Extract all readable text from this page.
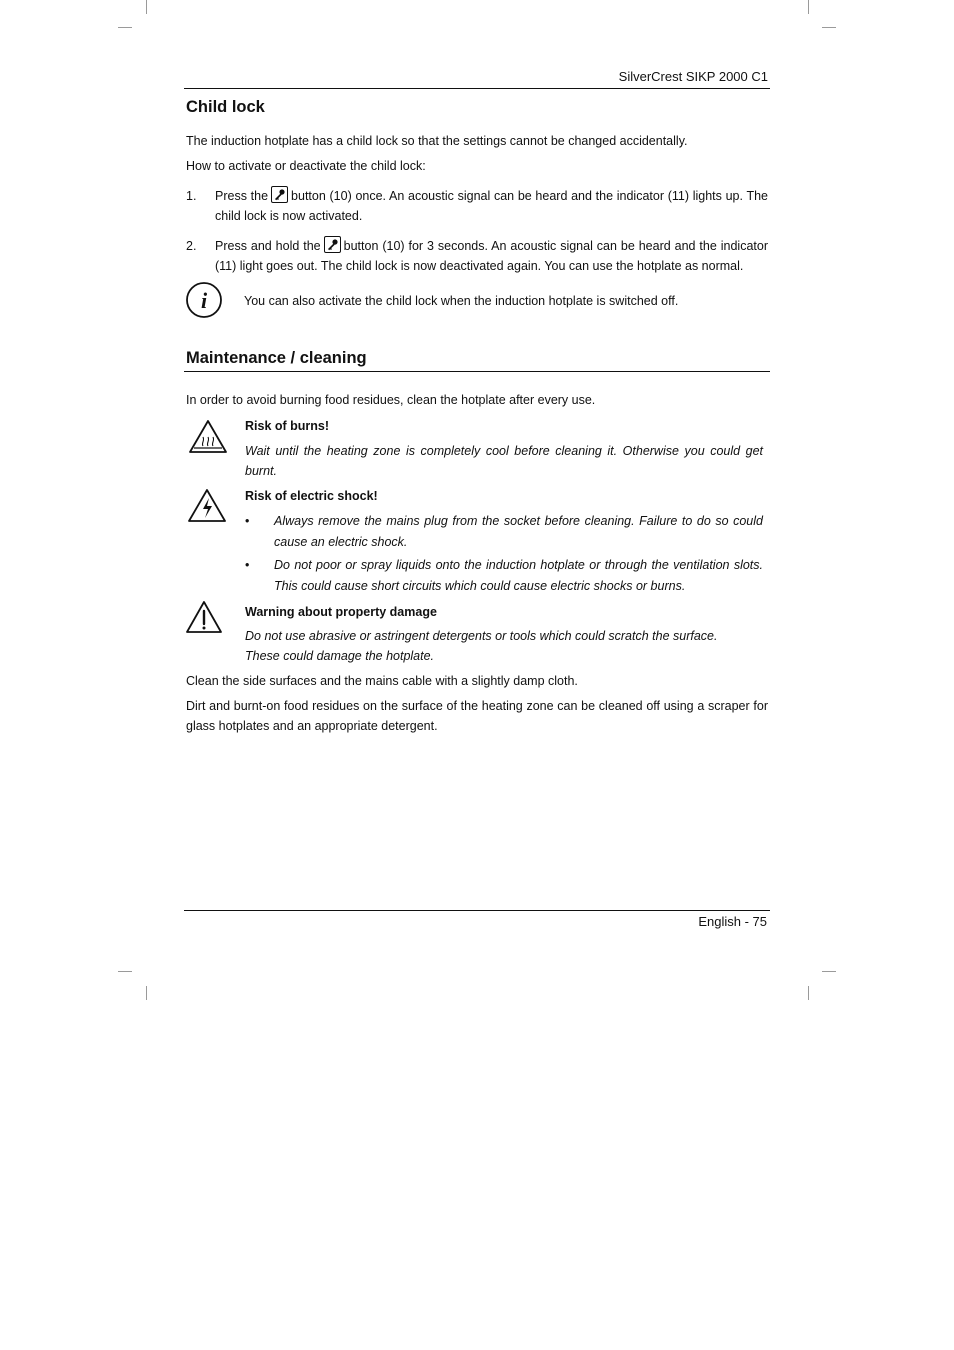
SilverCrest SIKP 2000 C1
Child lock
The induction hotplate has a child lock so that the settings cannot be changed accidentally.
How to activate or deactivate the child lock:
1. Press the button (10) once. An acoustic signal can be heard and the indicator (11) lights up. The child lock is now activated.
2. Press and hold the button (10) for 3 seconds. An acoustic signal can be heard and the indicator (11) light goes out. The child lock is now deactivated again. You can use the hotplate as normal.
i	You can also activate the child lock when the induction hotplate is switched off.
Maintenance / cleaning
In order to avoid burning food residues, clean the hotplate after every use.
Risk of burns!
Wait until the heating zone is completely cool before cleaning it. Otherwise you could get burnt.
Risk of electric shock!
• Always remove the mains plug from the socket before cleaning. Failure to do so could cause an electric shock.
• Do not poor or spray liquids onto the induction hotplate or through the ventilation slots. This could cause short circuits which could cause electric shocks or burns.
Warning about property damage
Do not use abrasive or astringent detergents or tools which could scratch the surface. These could damage the hotplate.
Clean the side surfaces and the mains cable with a slightly damp cloth.
Dirt and burnt-on food residues on the surface of the heating zone can be cleaned off using a scraper for glass hotplates and an appropriate detergent.
English - 75
